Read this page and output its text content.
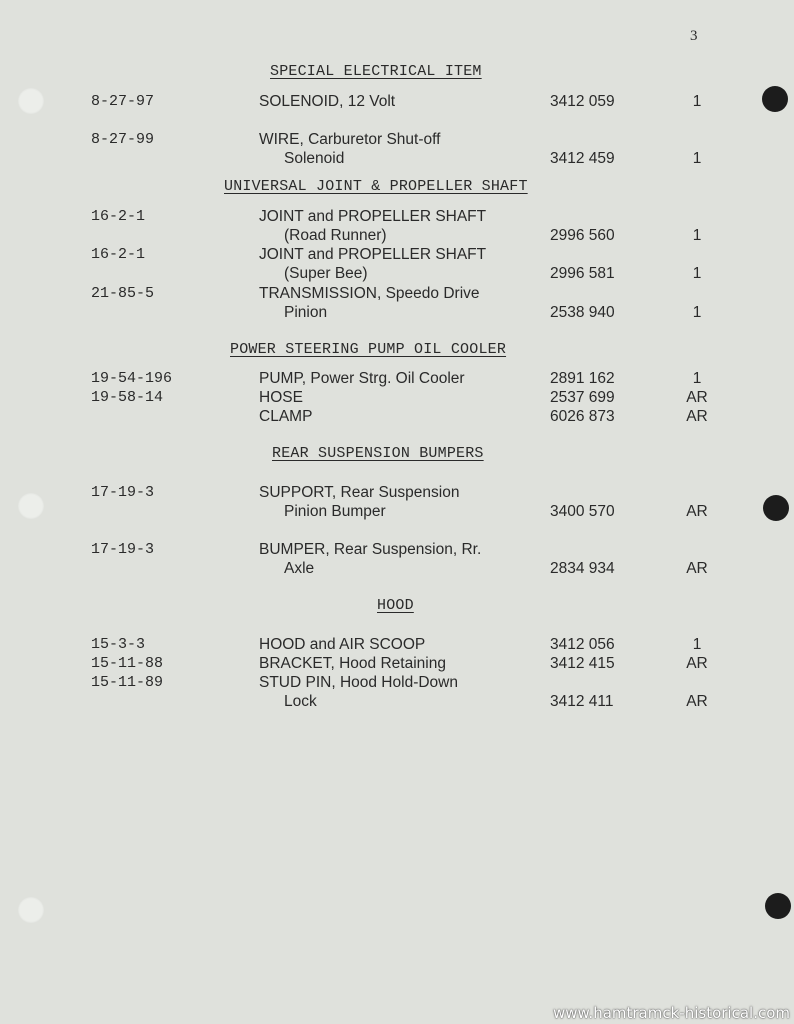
3
SPECIAL ELECTRICAL ITEM
8-27-97	SOLENOID, 12 Volt	3412 059	1
8-27-99	WIRE, Carburetor Shut-off
Solenoid	3412 459	1
UNIVERSAL JOINT & PROPELLER SHAFT
16-2-1	JOINT and PROPELLER SHAFT
(Road Runner)	2996 560	1
16-2-1	JOINT and PROPELLER SHAFT
(Super Bee)	2996 581	1
21-85-5	TRANSMISSION, Speedo Drive
Pinion	2538 940	1
POWER STEERING PUMP OIL COOLER
19-54-196	PUMP, Power Strg. Oil Cooler	2891 162	1
19-58-14	HOSE	2537 699	AR
CLAMP	6026 873	AR
REAR SUSPENSION BUMPERS
17-19-3	SUPPORT, Rear Suspension
Pinion Bumper	3400 570	AR
17-19-3	BUMPER, Rear Suspension, Rr.
Axle	2834 934	AR
HOOD
15-3-3	HOOD and AIR SCOOP	3412 056	1
15-11-88	BRACKET, Hood Retaining	3412 415	AR
15-11-89	STUD PIN, Hood Hold-Down
Lock	3412 411	AR
www.hamtramck-historical.com
